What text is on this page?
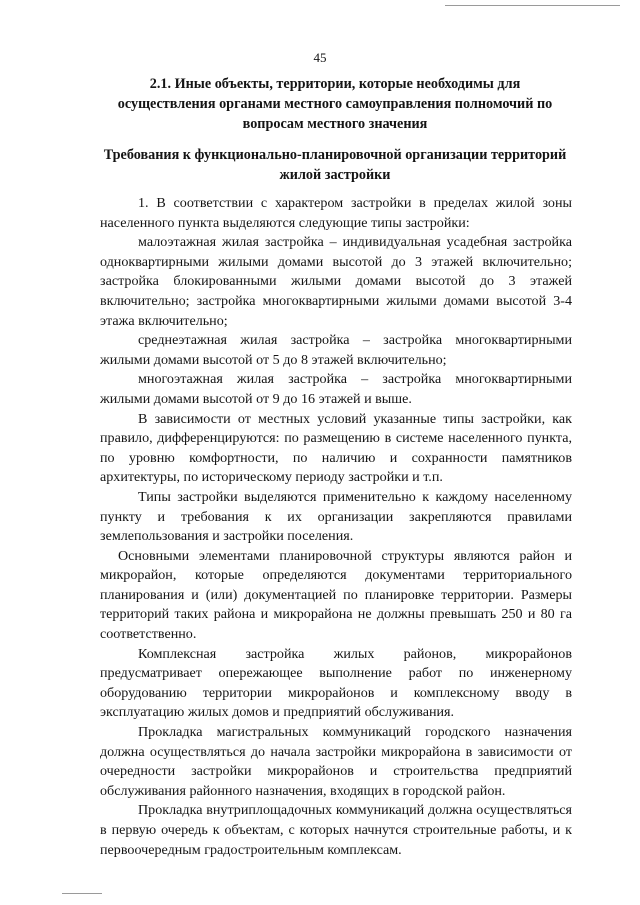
45
2.1. Иные объекты, территории, которые необходимы для осуществления органами местного самоуправления полномочий по вопросам местного значения
Требования к функционально-планировочной организации территорий жилой застройки

1. В соответствии с характером застройки в пределах жилой зоны населенного пункта выделяются следующие типы застройки:

малоэтажная жилая застройка – индивидуальная усадебная застройка одноквартирными жилыми домами высотой до 3 этажей включительно; застройка блокированными жилыми домами высотой до 3 этажей включительно; застройка многоквартирными жилыми домами высотой 3-4 этажа включительно;

среднеэтажная жилая застройка – застройка многоквартирными жилыми домами высотой от 5 до 8 этажей включительно;

многоэтажная жилая застройка – застройка многоквартирными жилыми домами высотой от 9 до 16 этажей и выше.

В зависимости от местных условий указанные типы застройки, как правило, дифференцируются: по размещению в системе населенного пункта, по уровню комфортности, по наличию и сохранности памятников архитектуры, по историческому периоду застройки и т.п.

Типы застройки выделяются применительно к каждому населенному пункту и требования к их организации закрепляются правилами землепользования и застройки поселения.

Основными элементами планировочной структуры являются район и микрорайон, которые определяются документами территориального планирования и (или) документацией по планировке территории. Размеры территорий таких района и микрорайона не должны превышать 250 и 80 га соответственно.

Комплексная застройка жилых районов, микрорайонов предусматривает опережающее выполнение работ по инженерному оборудованию территории микрорайонов и комплексному вводу в эксплуатацию жилых домов и предприятий обслуживания.

Прокладка магистральных коммуникаций городского назначения должна осуществляться до начала застройки микрорайона в зависимости от очередности застройки микрорайонов и строительства предприятий обслуживания районного назначения, входящих в городской район.

Прокладка внутриплощадочных коммуникаций должна осуществляться в первую очередь к объектам, с которых начнутся строительные работы, и к первоочередным градостроительным комплексам.
